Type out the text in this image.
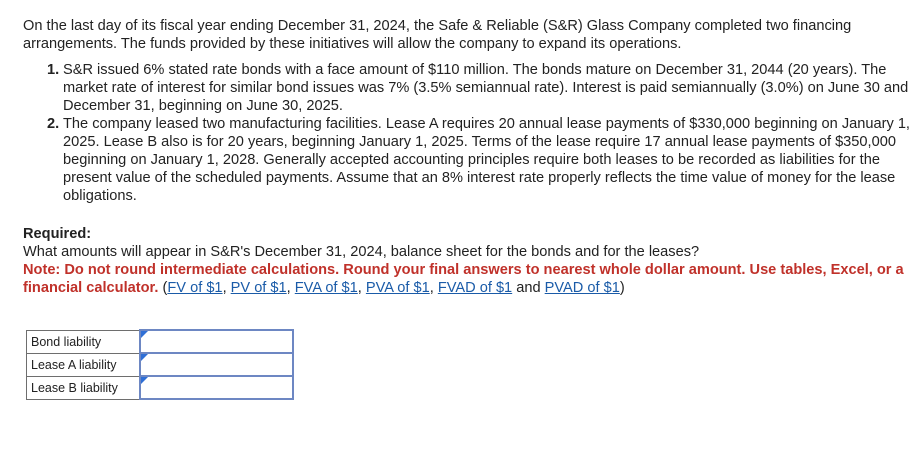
On the last day of its fiscal year ending December 31, 2024, the Safe & Reliable (S&R) Glass Company completed two financing arrangements. The funds provided by these initiatives will allow the company to expand its operations.

1. S&R issued 6% stated rate bonds with a face amount of $110 million. The bonds mature on December 31, 2044 (20 years). The market rate of interest for similar bond issues was 7% (3.5% semiannual rate). Interest is paid semiannually (3.0%) on June 30 and December 31, beginning on June 30, 2025.
2. The company leased two manufacturing facilities. Lease A requires 20 annual lease payments of $330,000 beginning on January 1, 2025. Lease B also is for 20 years, beginning January 1, 2025. Terms of the lease require 17 annual lease payments of $350,000 beginning on January 1, 2028. Generally accepted accounting principles require both leases to be recorded as liabilities for the present value of the scheduled payments. Assume that an 8% interest rate properly reflects the time value of money for the lease obligations.

Required:

What amounts will appear in S&R's December 31, 2024, balance sheet for the bonds and for the leases?

Note: Do not round intermediate calculations. Round your final answers to nearest whole dollar amount. Use tables, Excel, or a financial calculator. (FV of $1, PV of $1, FVA of $1, PVA of $1, FVAD of $1 and PVAD of $1)

Bond liability	

Lease A liability	

Lease B liability	
